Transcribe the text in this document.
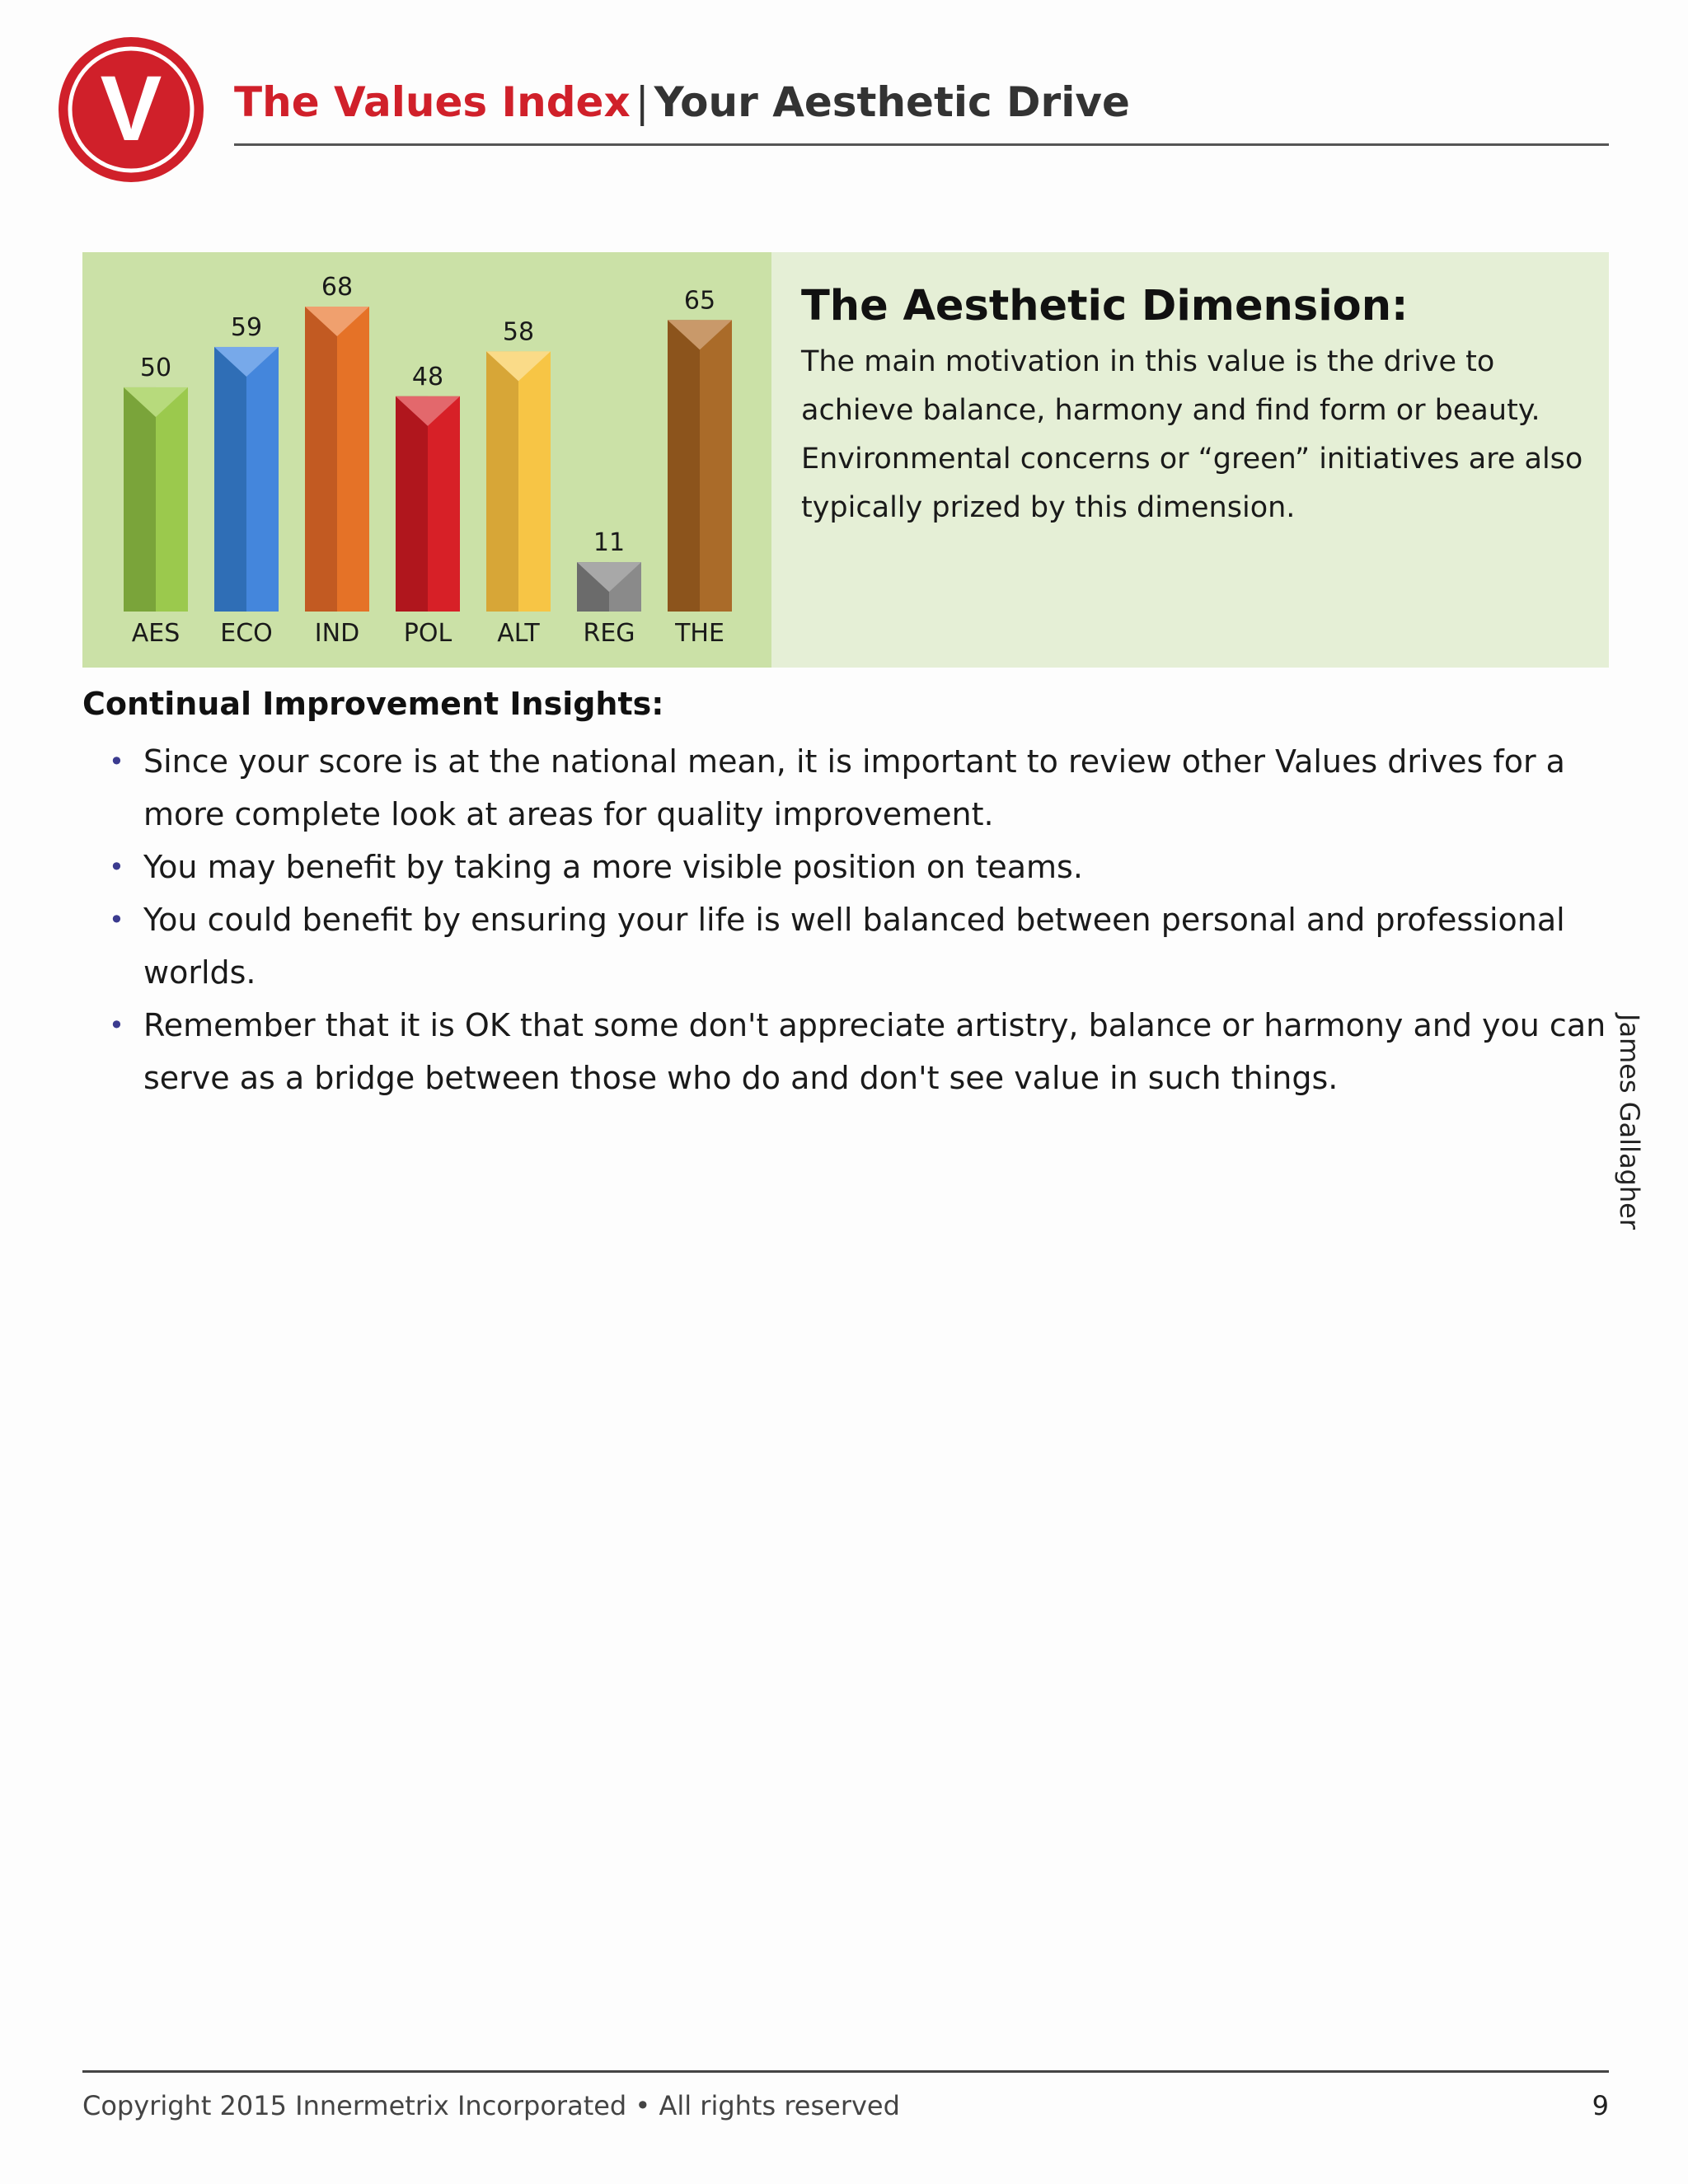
V The Values Index | Your Aesthetic Drive
50
AES
59
ECO
68
IND
48
POL
58
ALT
11
REG
65
THE
The Aesthetic Dimension:
The main motivation in this value is the drive to achieve balance, harmony and find form or beauty. Environmental concerns or “green” initiatives are also typically prized by this dimension.
Continual Improvement Insights:
• Since your score is at the national mean, it is important to review other Values drives for a more complete look at areas for quality improvement.
• You may benefit by taking a more visible position on teams.
• You could benefit by ensuring your life is well balanced between personal and professional worlds.
• Remember that it is OK that some don't appreciate artistry, balance or harmony and you can serve as a bridge between those who do and don't see value in such things.	James Gallagher
Copyright 2015 Innermetrix Incorporated • All rights reserved	9
